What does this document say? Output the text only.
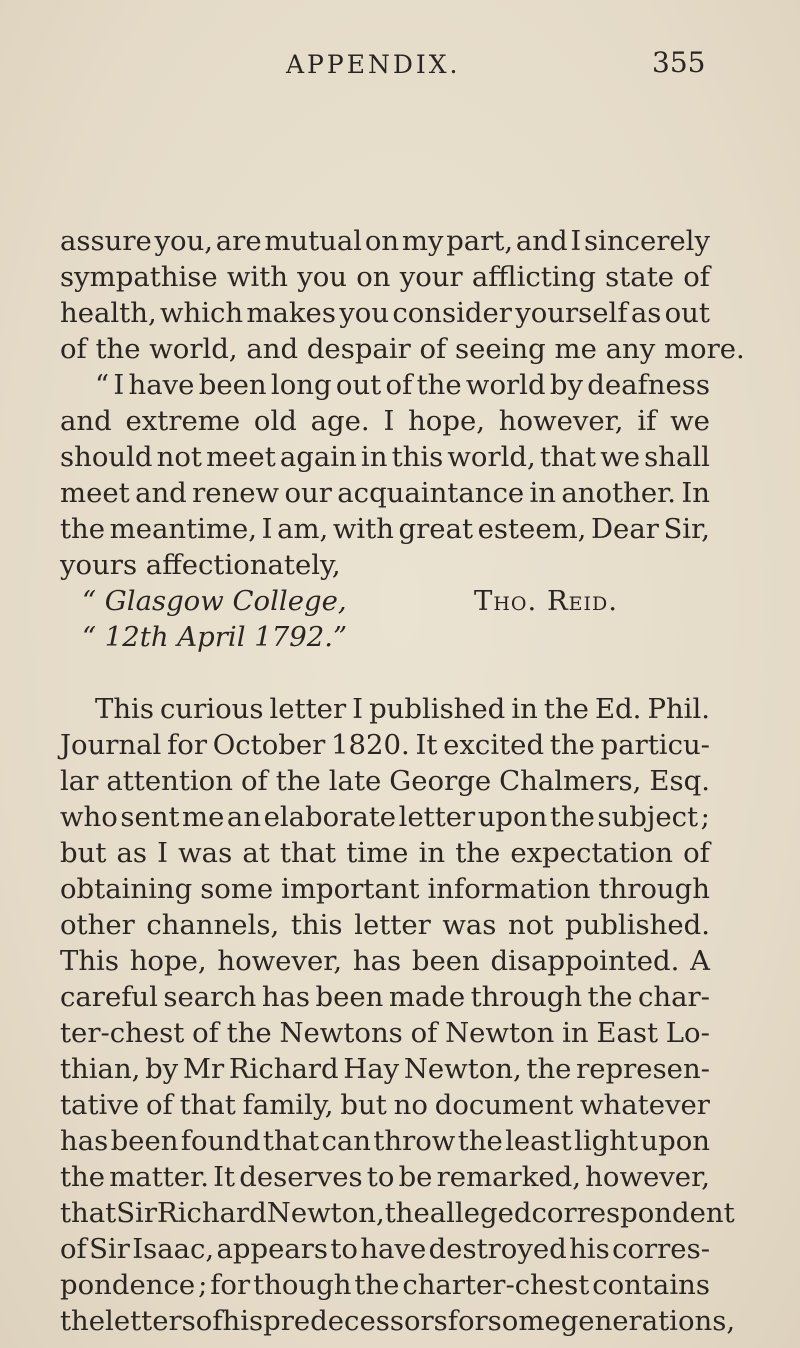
APPENDIX.	355
assure you, are mutual on my part, and I sincerely
sympathise with you on your afflicting state of
health, which makes you consider yourself as out
of the world, and despair of seeing me any more.
“ I have been long out of the world by deafness
and extreme old age. I hope, however, if we
should not meet again in this world, that we shall
meet and renew our acquaintance in another. In
the meantime, I am, with great esteem, Dear Sir,
yours affectionately,
“ Glasgow College,	Tho. Reid.
“ 12th April 1792.”
This curious letter I published in the Ed. Phil.
Journal for October 1820. It excited the particu-
lar attention of the late George Chalmers, Esq.
who sent me an elaborate letter upon the subject ;
but as I was at that time in the expectation of
obtaining some important information through
other channels, this letter was not published.
This hope, however, has been disappointed. A
careful search has been made through the char-
ter-chest of the Newtons of Newton in East Lo-
thian, by Mr Richard Hay Newton, the represen-
tative of that family, but no document whatever
has been found that can throw the least light upon
the matter. It deserves to be remarked, however,
that Sir Richard Newton, the alleged correspondent
of Sir Isaac, appears to have destroyed his corres-
pondence ; for though the charter-chest contains
the letters of his predecessors for some generations,
